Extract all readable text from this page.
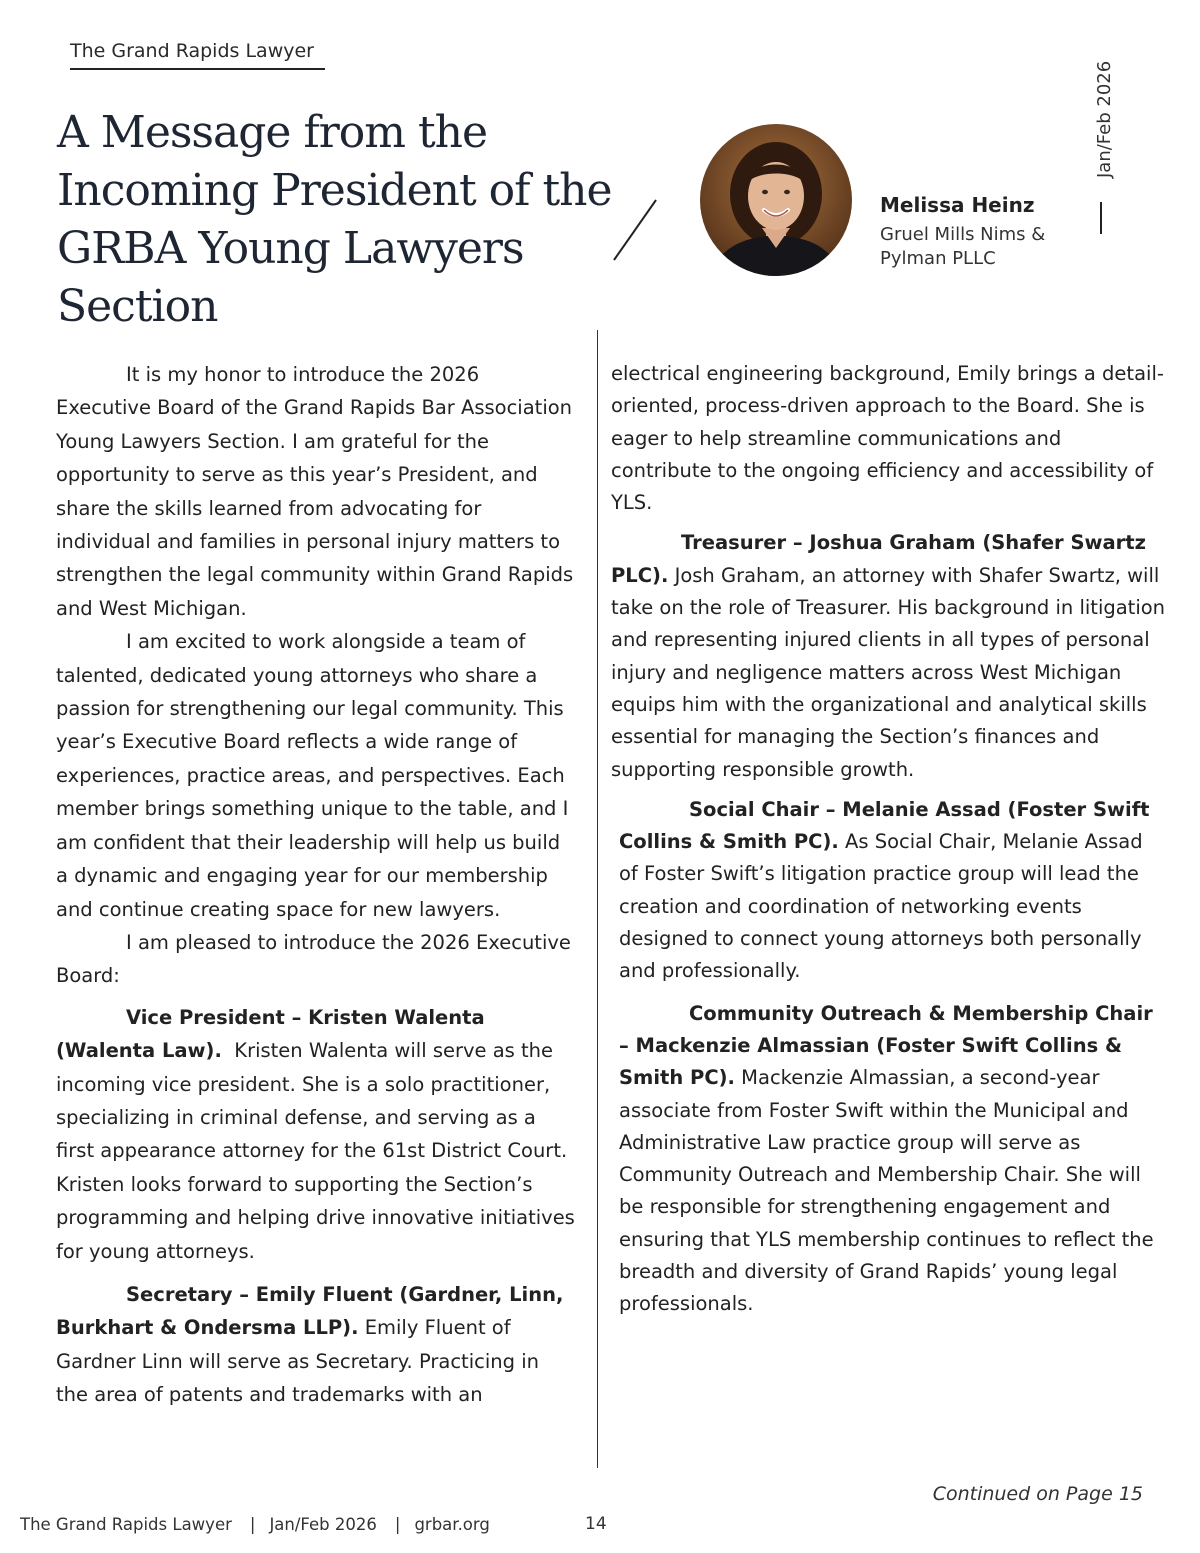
The Grand Rapids Lawyer
A Message from the Incoming President of the GRBA Young Lawyers Section
Melissa Heinz
Gruel Mills Nims & Pylman PLLC
Jan/Feb 2026

It is my honor to introduce the 2026 Executive Board of the Grand Rapids Bar Association Young Lawyers Section. I am grateful for the opportunity to serve as this year’s President, and share the skills learned from advocating for individual and families in personal injury matters to strengthen the legal community within Grand Rapids and West Michigan.

I am excited to work alongside a team of talented, dedicated young attorneys who share a passion for strengthening our legal community. This year’s Executive Board reflects a wide range of experiences, practice areas, and perspectives. Each member brings something unique to the table, and I am confident that their leadership will help us build a dynamic and engaging year for our membership and continue creating space for new lawyers.

I am pleased to introduce the 2026 Executive Board:

Vice President – Kristen Walenta (Walenta Law). Kristen Walenta will serve as the incoming vice president. She is a solo practitioner, specializing in criminal defense, and serving as a first appearance attorney for the 61st District Court. Kristen looks forward to supporting the Section’s programming and helping drive innovative initiatives for young attorneys.

Secretary – Emily Fluent (Gardner, Linn, Burkhart & Ondersma LLP). Emily Fluent of Gardner Linn will serve as Secretary. Practicing in the area of patents and trademarks with an

electrical engineering background, Emily brings a detail-oriented, process-driven approach to the Board. She is eager to help streamline communications and contribute to the ongoing efficiency and accessibility of YLS.

Treasurer – Joshua Graham (Shafer Swartz PLC). Josh Graham, an attorney with Shafer Swartz, will take on the role of Treasurer. His background in litigation and representing injured clients in all types of personal injury and negligence matters across West Michigan equips him with the organizational and analytical skills essential for managing the Section’s finances and supporting responsible growth.

Social Chair – Melanie Assad (Foster Swift Collins & Smith PC). As Social Chair, Melanie Assad of Foster Swift’s litigation practice group will lead the creation and coordination of networking events designed to connect young attorneys both personally and professionally.

Community Outreach & Membership Chair – Mackenzie Almassian (Foster Swift Collins & Smith PC). Mackenzie Almassian, a second-year associate from Foster Swift within the Municipal and Administrative Law practice group will serve as Community Outreach and Membership Chair. She will be responsible for strengthening engagement and ensuring that YLS membership continues to reflect the breadth and diversity of Grand Rapids’ young legal professionals.

Continued on Page 15
The Grand Rapids Lawyer | Jan/Feb 2026 | grbar.org	14
